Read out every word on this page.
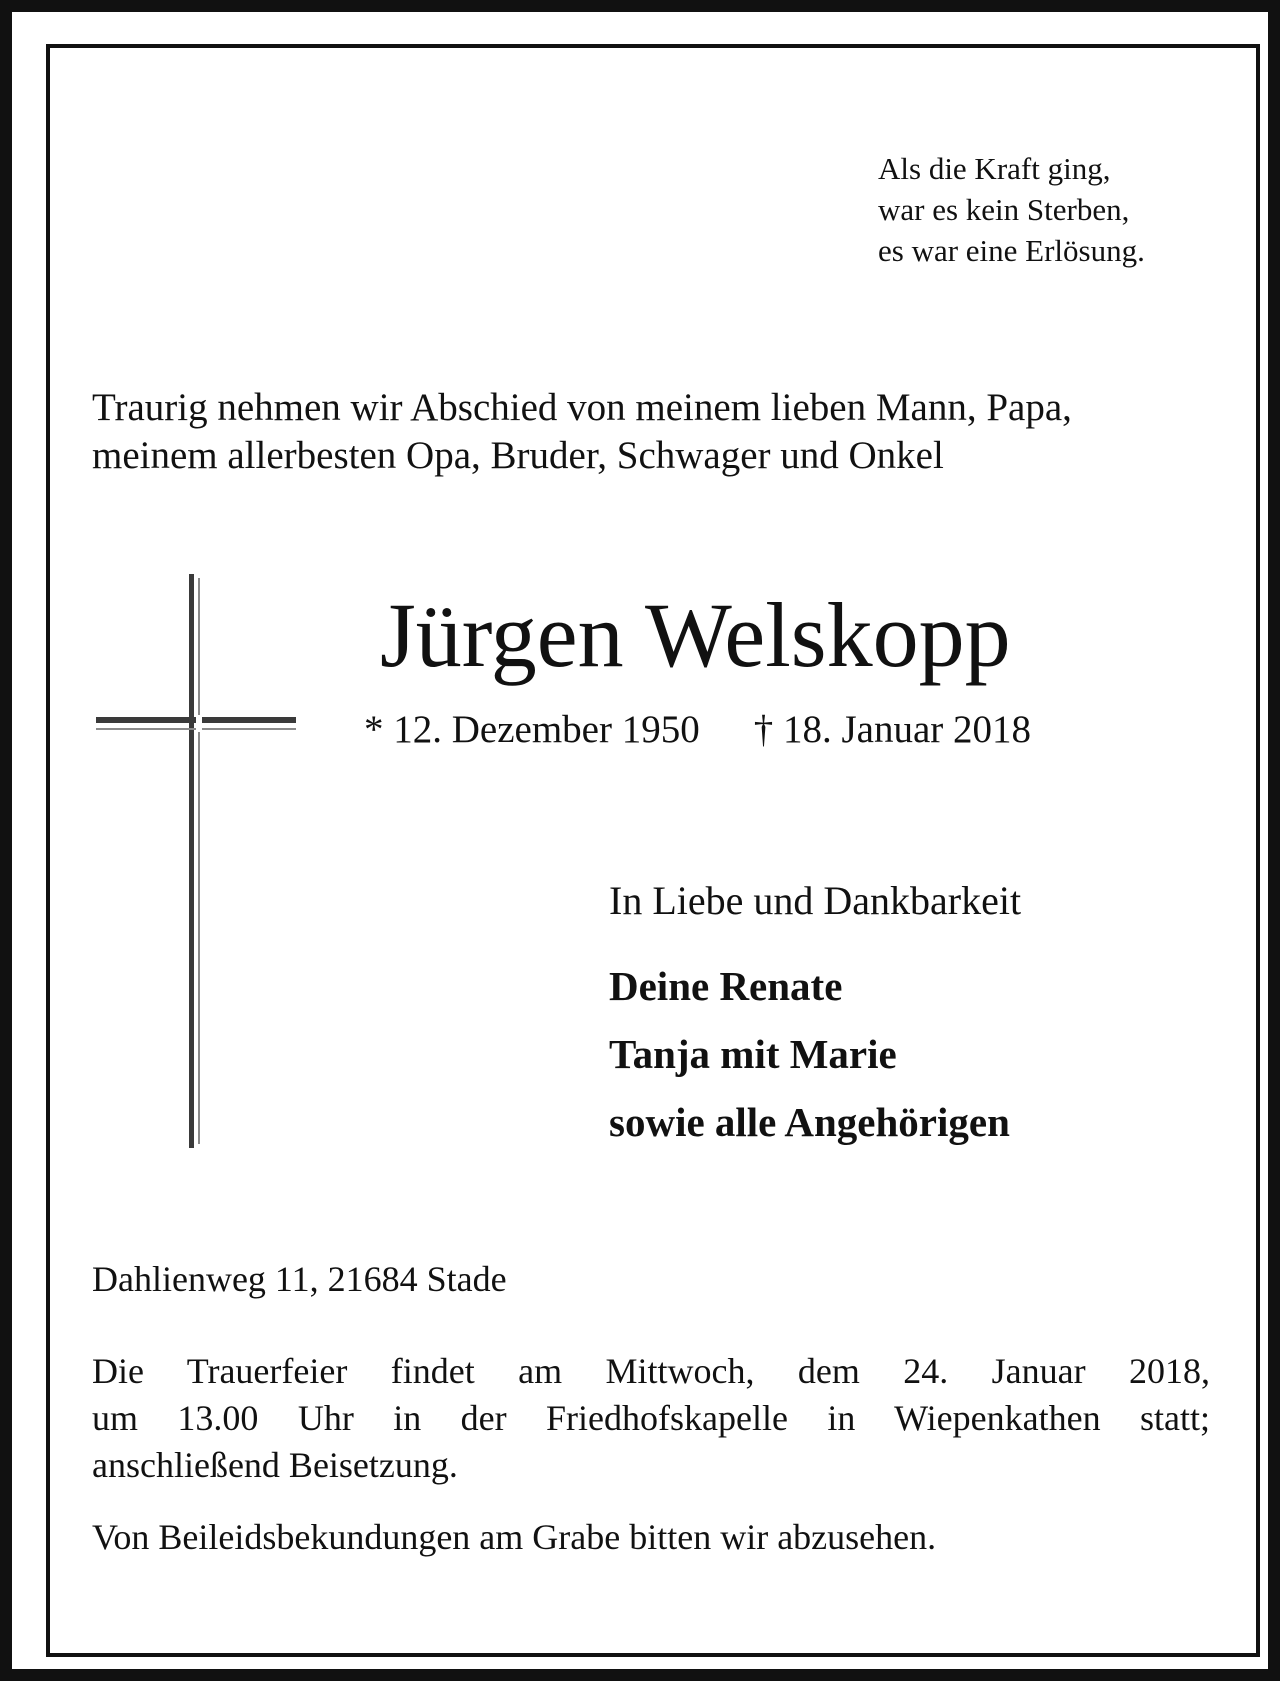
Als die Kraft ging,
war es kein Sterben,
es war eine Erlösung.
Traurig nehmen wir Abschied von meinem lieben Mann, Papa,
meinem allerbesten Opa, Bruder, Schwager und Onkel
Jürgen Welskopp
* 12. Dezember 1950 † 18. Januar 2018
In Liebe und Dankbarkeit
Deine Renate
Tanja mit Marie
sowie alle Angehörigen
Dahlienweg 11, 21684 Stade
Die Trauerfeier findet am Mittwoch, dem 24. Januar 2018,
um 13.00 Uhr in der Friedhofskapelle in Wiepenkathen statt;
anschließend Beisetzung.
Von Beileidsbekundungen am Grabe bitten wir abzusehen.
